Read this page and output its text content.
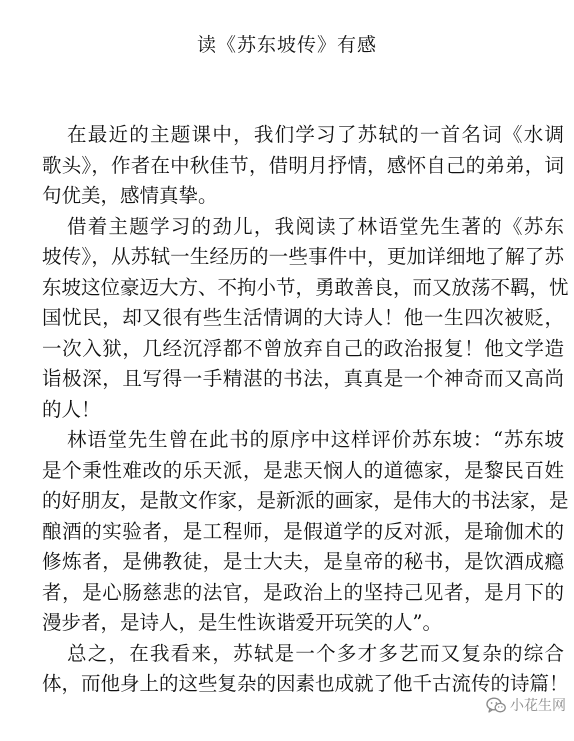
读《苏东坡传》有感
在最近的主题课中，我们学习了苏轼的一首名词《水调
歌头》，作者在中秋佳节，借明月抒情，感怀自己的弟弟，词
句优美，感情真挚。
借着主题学习的劲儿，我阅读了林语堂先生著的《苏东
坡传》，从苏轼一生经历的一些事件中，更加详细地了解了苏
东坡这位豪迈大方、不拘小节，勇敢善良，而又放荡不羁，忧
国忧民，却又很有些生活情调的大诗人！他一生四次被贬，
一次入狱，几经沉浮都不曾放弃自己的政治报复！他文学造
诣极深，且写得一手精湛的书法，真真是一个神奇而又高尚
的人！
林语堂先生曾在此书的原序中这样评价苏东坡：“苏东坡
是个秉性难改的乐天派，是悲天悯人的道德家，是黎民百姓
的好朋友，是散文作家，是新派的画家，是伟大的书法家，是
酿酒的实验者，是工程师，是假道学的反对派，是瑜伽术的
修炼者，是佛教徒，是士大夫，是皇帝的秘书，是饮酒成瘾
者，是心肠慈悲的法官，是政治上的坚持己见者，是月下的
漫步者，是诗人，是生性诙谐爱开玩笑的人”。
总之，在我看来，苏轼是一个多才多艺而又复杂的综合
体，而他身上的这些复杂的因素也成就了他千古流传的诗篇！
小花生网
